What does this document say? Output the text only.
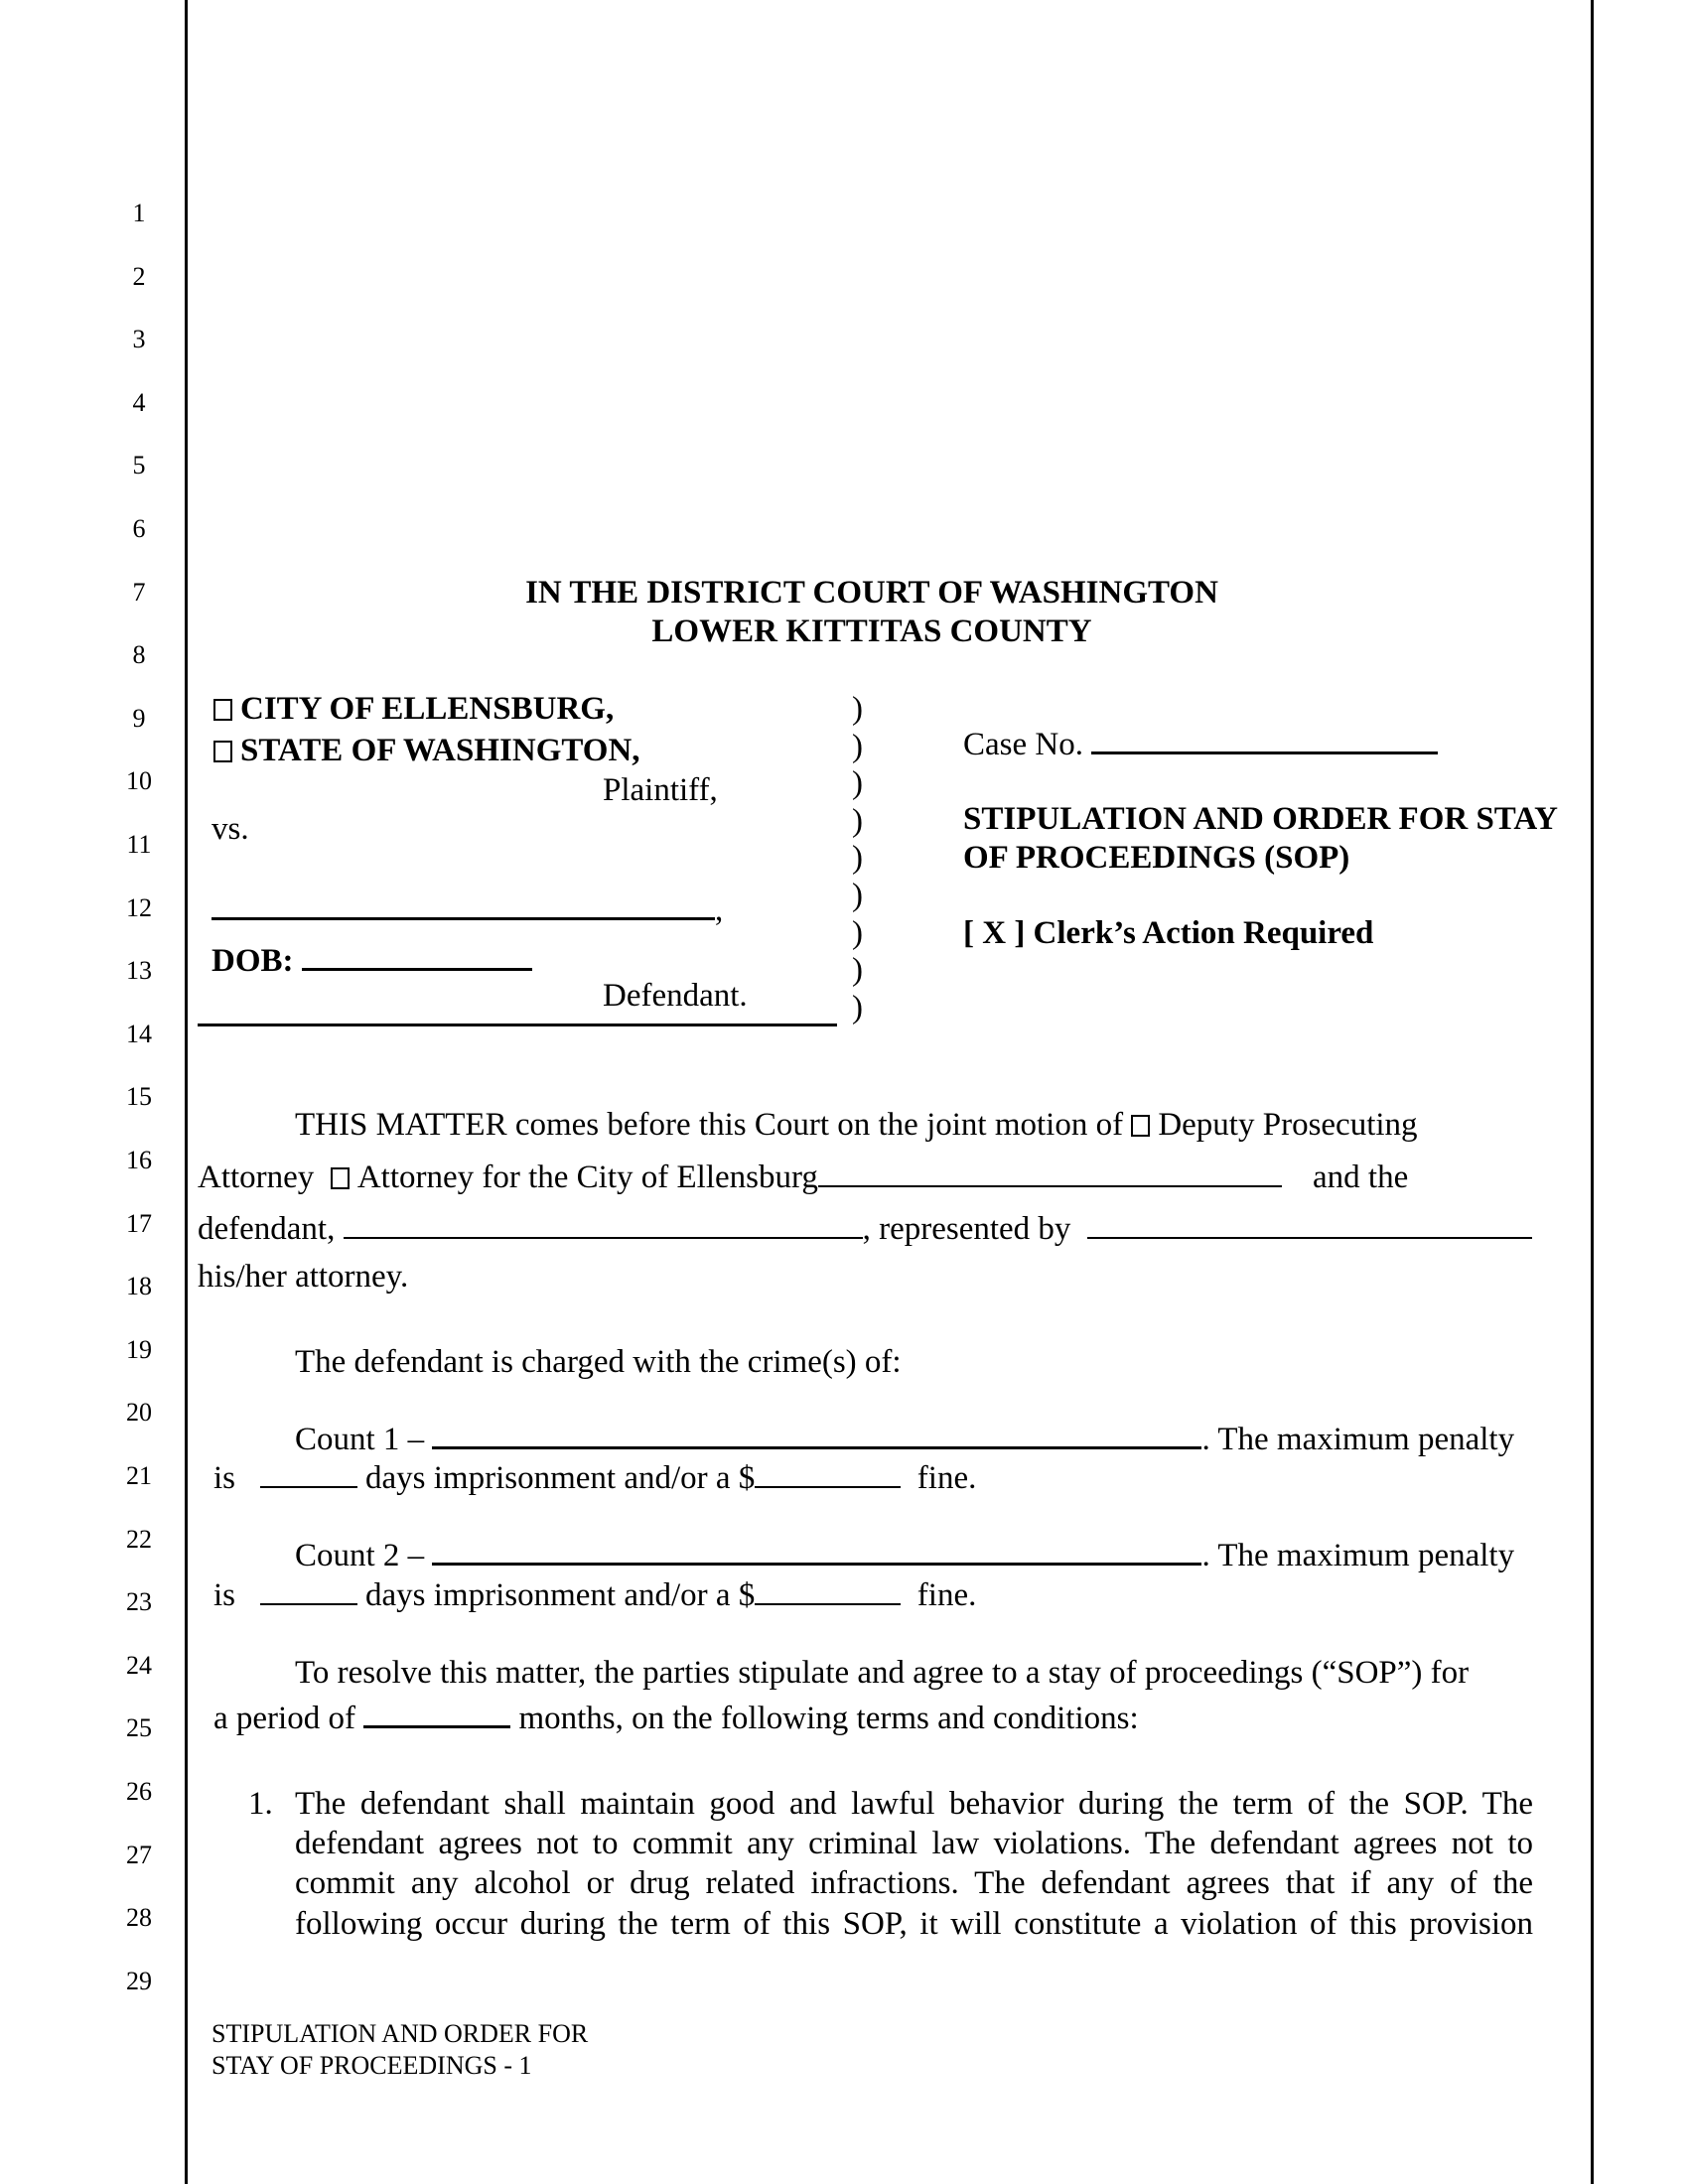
1
2
3
4
5
6
7
8
9
10
11
12
13
14
15
16
17
18
19
20
21
22
23
24
25
26
27
28
29
IN THE DISTRICT COURT OF WASHINGTON
LOWER KITTITAS COUNTY
CITY OF ELLENSBURG,
STATE OF WASHINGTON,
Plaintiff,
vs.
,
DOB:
Defendant.
)
)
)
)
)
)
)
)
)
Case No.
STIPULATION AND ORDER FOR STAY
OF PROCEEDINGS (SOP)
[ X ] Clerk’s Action Required
THIS MATTER comes before this Court on the joint motion of Deputy Prosecuting
Attorney Attorney for the City of Ellensburg	and the
defendant,	, represented by
his/her attorney.
The defendant is charged with the crime(s) of:
Count 1 –	. The maximum penalty
is	days imprisonment and/or a $	fine.
Count 2 –	. The maximum penalty
is	days imprisonment and/or a $	fine.
To resolve this matter, the parties stipulate and agree to a stay of proceedings (“SOP”) for
a period of	months, on the following terms and conditions:
1. The defendant shall maintain good and lawful behavior during the term of the SOP. The
defendant agrees not to commit any criminal law violations. The defendant agrees not to
commit any alcohol or drug related infractions. The defendant agrees that if any of the
following occur during the term of this SOP, it will constitute a violation of this provision
STIPULATION AND ORDER FOR
STAY OF PROCEEDINGS - 1
